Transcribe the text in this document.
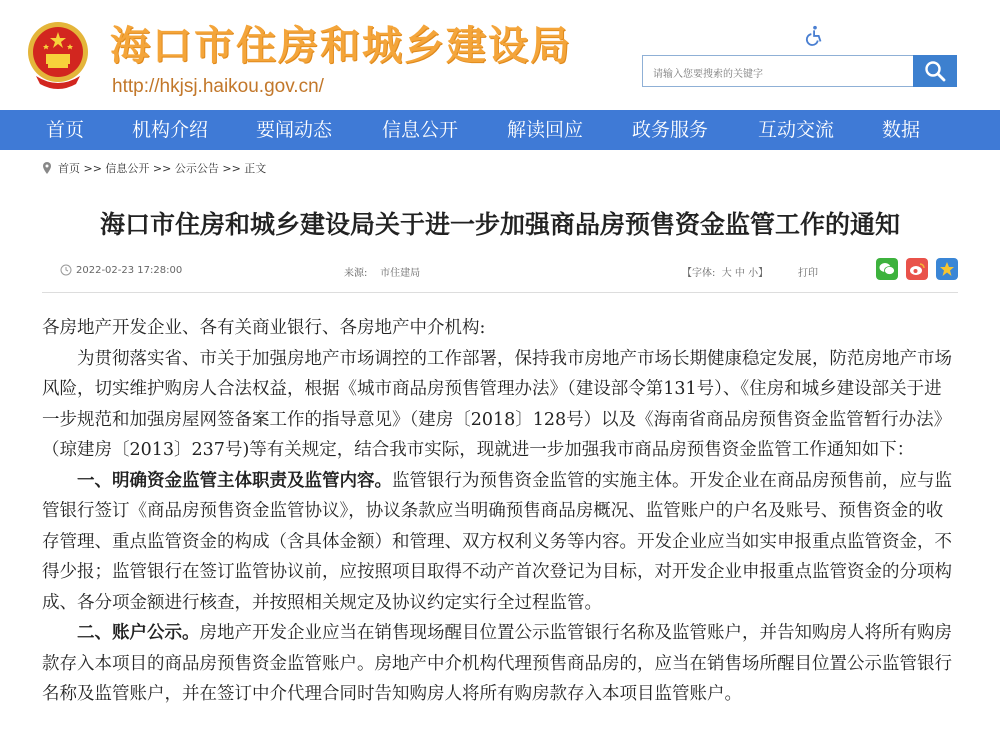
海口市住房和城乡建设局
http://hkjsj.haikou.gov.cn/
请输入您要搜索的关键字
首页	机构介绍	要闻动态	信息公开	解读回应	政务服务	互动交流	数据
首页 >> 信息公开 >> 公示公告 >> 正文
海口市住房和城乡建设局关于进一步加强商品房预售资金监管工作的通知
2022-02-23 17:28:00	来源:    市住建局	【字体: 大 中 小】	打印

各房地产开发企业、各有关商业银行、各房地产中介机构:

为贯彻落实省、市关于加强房地产市场调控的工作部署，保持我市房地产市场长期健康稳定发展，防范房地产市场风险，切实维护购房人合法权益，根据《城市商品房预售管理办法》（建设部令第131号）、《住房和城乡建设部关于进一步规范和加强房屋网签备案工作的指导意见》（建房〔2018〕128号）以及《海南省商品房预售资金监管暂行办法》（琼建房〔2013〕237号)等有关规定，结合我市实际，现就进一步加强我市商品房预售资金监管工作通知如下：

一、明确资金监管主体职责及监管内容。监管银行为预售资金监管的实施主体。开发企业在商品房预售前，应与监管银行签订《商品房预售资金监管协议》，协议条款应当明确预售商品房概况、监管账户的户名及账号、预售资金的收存管理、重点监管资金的构成（含具体金额）和管理、双方权利义务等内容。开发企业应当如实申报重点监管资金，不得少报；监管银行在签订监管协议前，应按照项目取得不动产首次登记为目标，对开发企业申报重点监管资金的分项构成、各分项金额进行核查，并按照相关规定及协议约定实行全过程监管。

二、账户公示。房地产开发企业应当在销售现场醒目位置公示监管银行名称及监管账户，并告知购房人将所有购房款存入本项目的商品房预售资金监管账户。房地产中介机构代理预售商品房的，应当在销售场所醒目位置公示监管银行名称及监管账户，并在签订中介代理合同时告知购房人将所有购房款存入本项目监管账户。
